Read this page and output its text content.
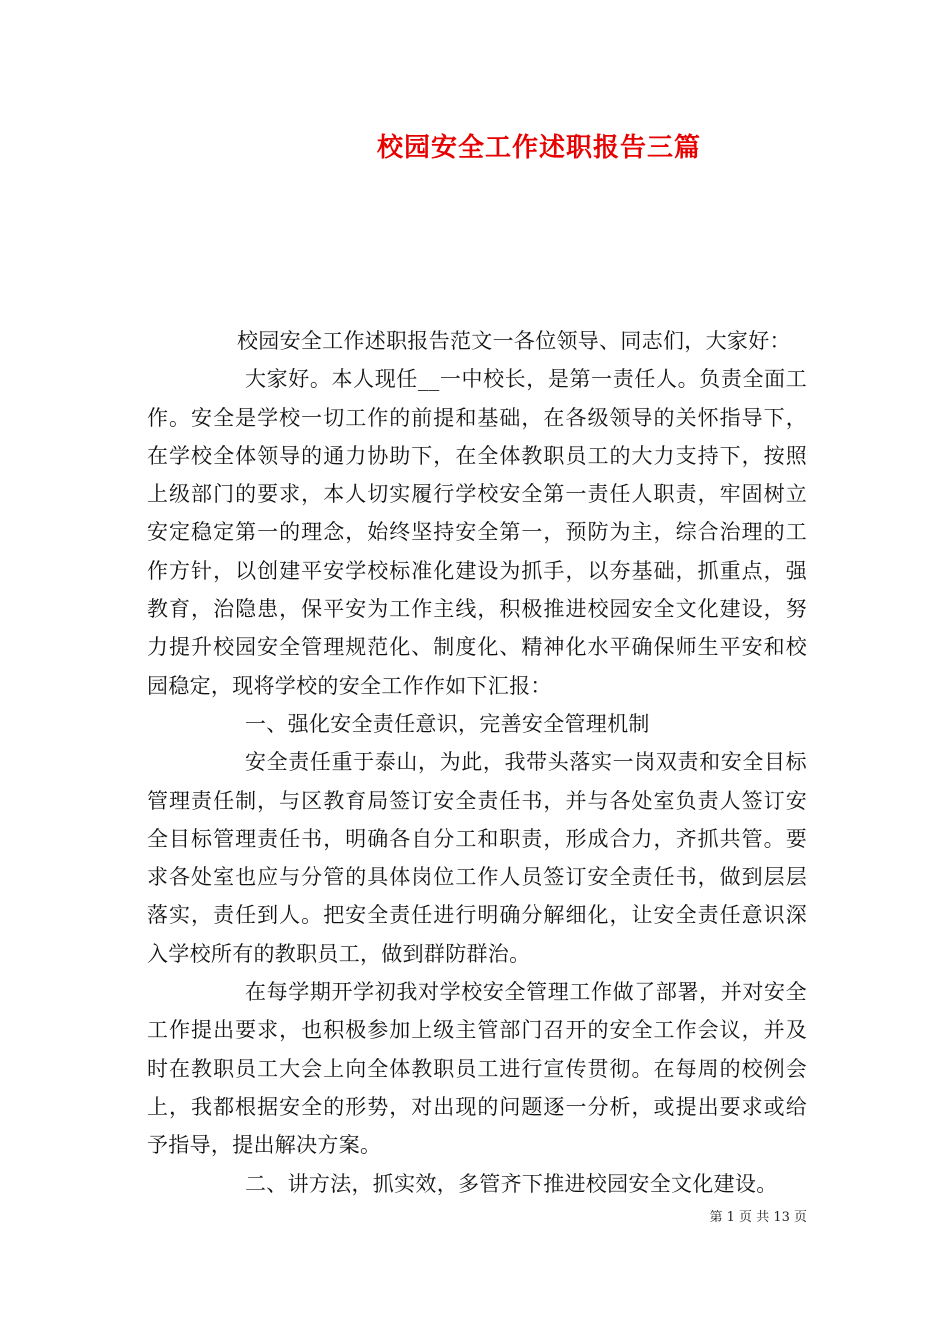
校园安全工作述职报告三篇

校园安全工作述职报告范文一各位领导、同志们，大家好：

大家好。本人现任__一中校长，是第一责任人。负责全面工作。安全是学校一切工作的前提和基础，在各级领导的关怀指导下，在学校全体领导的通力协助下，在全体教职员工的大力支持下，按照上级部门的要求，本人切实履行学校安全第一责任人职责，牢固树立安定稳定第一的理念，始终坚持安全第一，预防为主，综合治理的工作方针，以创建平安学校标准化建设为抓手，以夯基础，抓重点，强教育，治隐患，保平安为工作主线，积极推进校园安全文化建设，努力提升校园安全管理规范化、制度化、精神化水平确保师生平安和校园稳定，现将学校的安全工作作如下汇报：

一、强化安全责任意识，完善安全管理机制

安全责任重于泰山，为此，我带头落实一岗双责和安全目标管理责任制，与区教育局签订安全责任书，并与各处室负责人签订安全目标管理责任书，明确各自分工和职责，形成合力，齐抓共管。要求各处室也应与分管的具体岗位工作人员签订安全责任书，做到层层落实，责任到人。把安全责任进行明确分解细化，让安全责任意识深入学校所有的教职员工，做到群防群治。

在每学期开学初我对学校安全管理工作做了部署，并对安全工作提出要求，也积极参加上级主管部门召开的安全工作会议，并及时在教职员工大会上向全体教职员工进行宣传贯彻。在每周的校例会上，我都根据安全的形势，对出现的问题逐一分析，或提出要求或给予指导，提出解决方案。

二、讲方法，抓实效，多管齐下推进校园安全文化建设。

第 1 页 共 13 页
